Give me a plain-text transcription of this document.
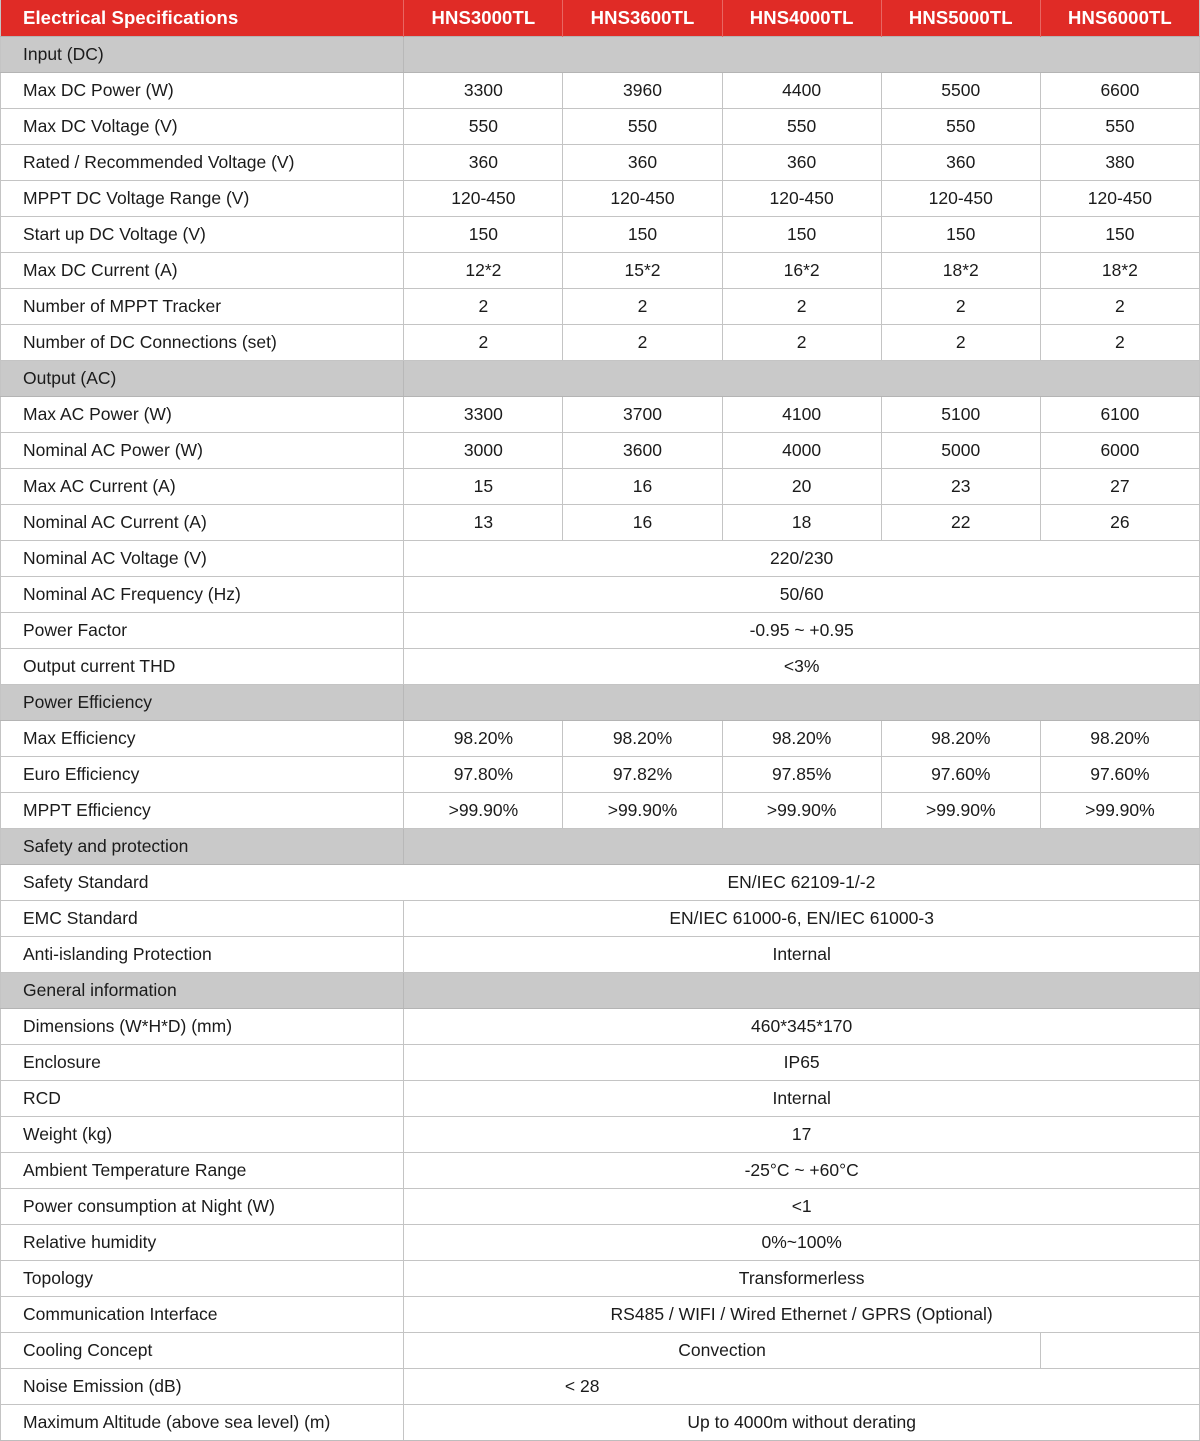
Electrical Specifications	HNS3000TL	HNS3600TL	HNS4000TL	HNS5000TL	HNS6000TL
Input (DC)					
Max DC Power (W)	3300	3960	4400	5500	6600
Max DC Voltage (V)	550	550	550	550	550
Rated / Recommended Voltage (V)	360	360	360	360	380
MPPT DC Voltage Range (V)	120-450	120-450	120-450	120-450	120-450
Start up DC Voltage (V)	150	150	150	150	150
Max DC Current (A)	12*2	15*2	16*2	18*2	18*2
Number of MPPT Tracker	2	2	2	2	2
Number of DC Connections (set)	2	2	2	2	2
Output (AC)					
Max AC Power (W)	3300	3700	4100	5100	6100
Nominal AC Power (W)	3000	3600	4000	5000	6000
Max AC Current (A)	15	16	20	23	27
Nominal AC Current (A)	13	16	18	22	26
Nominal AC Voltage (V)	220/230				
Nominal AC Frequency (Hz)	50/60				
Power Factor	-0.95 ~ +0.95				
Output current THD	<3%				
Power Efficiency					
Max Efficiency	98.20%	98.20%	98.20%	98.20%	98.20%
Euro Efficiency	97.80%	97.82%	97.85%	97.60%	97.60%
MPPT Efficiency	>99.90%	>99.90%	>99.90%	>99.90%	>99.90%
Safety and protection					
Safety Standard	EN/IEC 62109-1/-2				
EMC Standard	EN/IEC 61000-6, EN/IEC 61000-3				
Anti-islanding Protection	Internal				
General information					
Dimensions (W*H*D) (mm)	460*345*170				
Enclosure	IP65				
RCD	Internal				
Weight (kg)	17				
Ambient Temperature Range	-25°C ~ +60°C				
Power consumption at Night (W)	<1				
Relative humidity	0%~100%				
Topology	Transformerless				
Communication Interface	RS485 / WIFI / Wired Ethernet / GPRS (Optional)				
Cooling Concept	Convection				
Noise Emission (dB)	< 28				
Maximum Altitude (above sea level) (m)	Up to 4000m without derating				
